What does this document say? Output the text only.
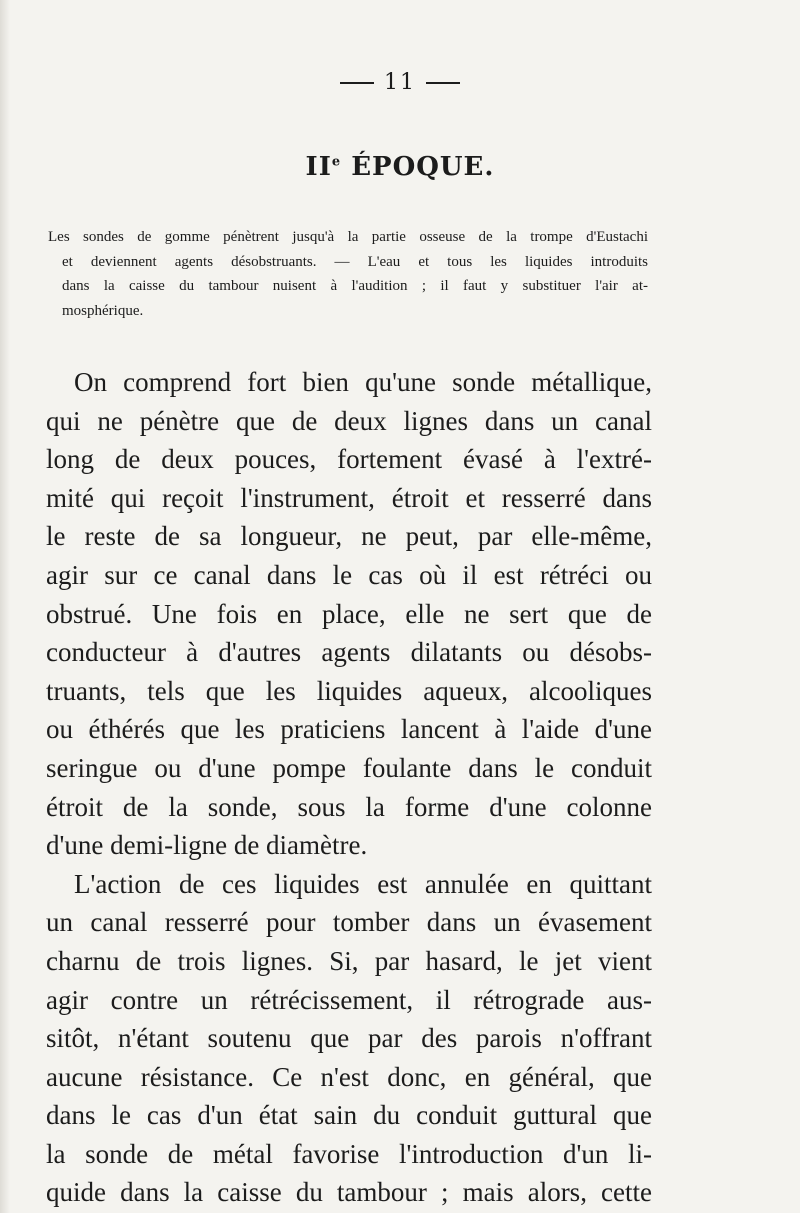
11
IIe ÉPOQUE.
Les sondes de gomme pénètrent jusqu'à la partie osseuse de la trompe d'Eustachi
et deviennent agents désobstruants. — L'eau et tous les liquides introduits
dans la caisse du tambour nuisent à l'audition ; il faut y substituer l'air at-
mosphérique.
On comprend fort bien qu'une sonde métallique,
qui ne pénètre que de deux lignes dans un canal
long de deux pouces, fortement évasé à l'extré-
mité qui reçoit l'instrument, étroit et resserré dans
le reste de sa longueur, ne peut, par elle-même,
agir sur ce canal dans le cas où il est rétréci ou
obstrué. Une fois en place, elle ne sert que de
conducteur à d'autres agents dilatants ou désobs-
truants, tels que les liquides aqueux, alcooliques
ou éthérés que les praticiens lancent à l'aide d'une
seringue ou d'une pompe foulante dans le conduit
étroit de la sonde, sous la forme d'une colonne
d'une demi-ligne de diamètre.
L'action de ces liquides est annulée en quittant
un canal resserré pour tomber dans un évasement
charnu de trois lignes. Si, par hasard, le jet vient
agir contre un rétrécissement, il rétrograde aus-
sitôt, n'étant soutenu que par des parois n'offrant
aucune résistance. Ce n'est donc, en général, que
dans le cas d'un état sain du conduit guttural que
la sonde de métal favorise l'introduction d'un li-
quide dans la caisse du tambour ; mais alors, cette
